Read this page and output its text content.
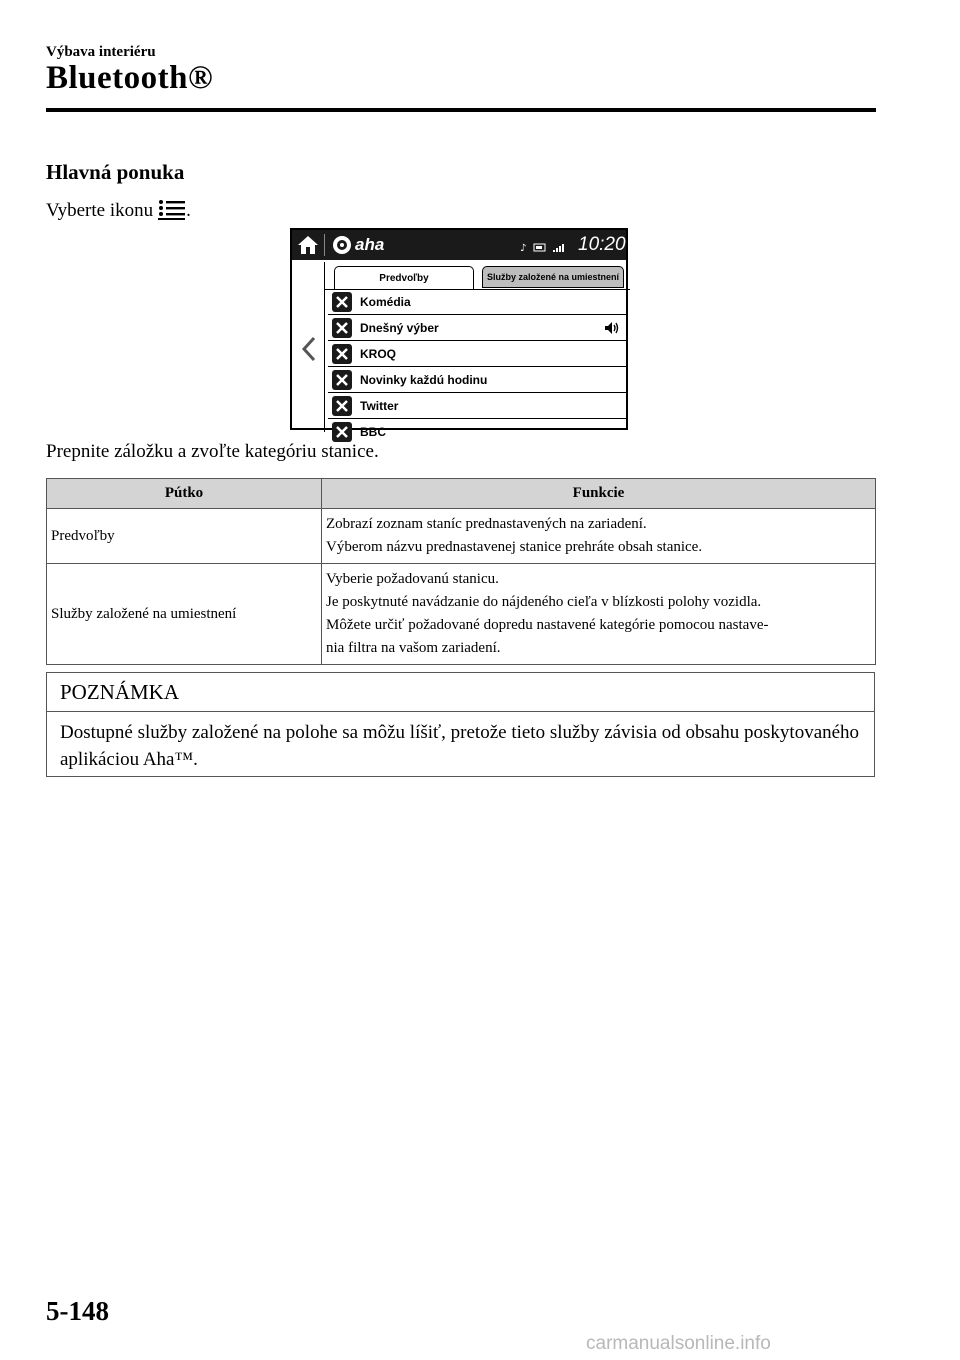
Výbava interiéru
Bluetooth®
Hlavná ponuka
Vyberte ikonu .
aha	♪	10:20
Predvoľby	Služby založené na umiestnení
Komédia
Dnešný výber
KROQ
Novinky každú hodinu
Twitter
BBC
Prepnite záložku a zvoľte kategóriu stanice.
Pútko	Funkcie
Predvoľby	Zobrazí zoznam staníc prednastavených na zariadení.
Výberom názvu prednastavenej stanice prehráte obsah stanice.

Služby založené na umiestnení	Vyberie požadovanú stanicu.
Je poskytnuté navádzanie do nájdeného cieľa v blízkosti polohy vozidla.
Môžete určiť požadované dopredu nastavené kategórie pomocou nastave-
nia filtra na vašom zariadení.
POZNÁMKA
Dostupné služby založené na polohe sa môžu líšiť, pretože tieto služby závisia od obsahu poskytovaného aplikáciou Aha™.
5-148
carmanualsonline.info
